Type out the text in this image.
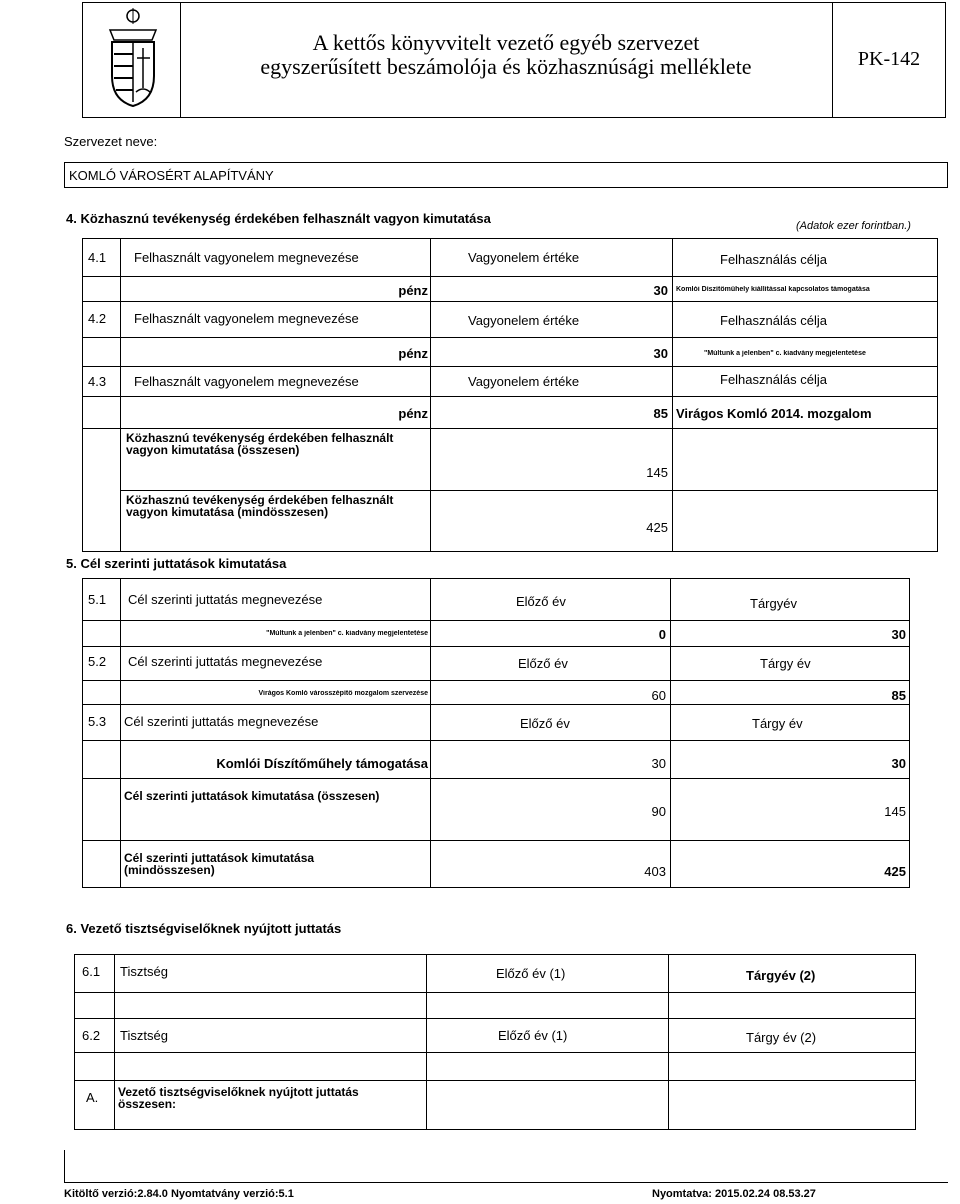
A kettős könyvvitelt vezető egyéb szervezet
egyszerűsített beszámolója és közhasznúsági melléklete	PK-142
Szervezet neve:
KOMLÓ VÁROSÉRT ALAPÍTVÁNY
4. Közhasznú tevékenység érdekében felhasznált vagyon kimutatása	(Adatok ezer forintban.)
4.1 Felhasznált vagyonelem megnevezése	Vagyonelem értéke	Felhasználás célja
pénz	30 Komlói Díszítőműhely kiállítással kapcsolatos támogatása
4.2 Felhasznált vagyonelem megnevezése	Vagyonelem értéke	Felhasználás célja
pénz	30	"Múltunk a jelenben" c. kiadvány megjelentetése
4.3 Felhasznált vagyonelem megnevezése	Vagyonelem értéke	Felhasználás célja
pénz	85 Virágos Komló 2014. mozgalom
Közhasznú tevékenység érdekében felhasznált vagyon kimutatása (összesen)
145
Közhasznú tevékenység érdekében felhasznált vagyon kimutatása (mindösszesen)
425
5. Cél szerinti juttatások kimutatása
5.1 Cél szerinti juttatás megnevezése	Előző év	Tárgyév
"Múltunk a jelenben" c. kiadvány megjelentetése	0	30
5.2 Cél szerinti juttatás megnevezése	Előző év	Tárgy év
Virágos Komló városszépítő mozgalom szervezése	60	85
5.3 Cél szerinti juttatás megnevezése	Előző év	Tárgy év
Komlói Díszítőműhely támogatása	30	30
Cél szerinti juttatások kimutatása (összesen)
90	145
Cél szerinti juttatások kimutatása (mindösszesen)	403	425
6. Vezető tisztségviselőknek nyújtott juttatás
6.1 Tisztség	Előző év (1)	Tárgyév (2)
6.2 Tisztség	Előző év (1)	Tárgy év (2)
A. Vezető tisztségviselőknek nyújtott juttatás összesen:
Kitöltő verzió:2.84.0 Nyomtatvány verzió:5.1	Nyomtatva: 2015.02.24 08.53.27
